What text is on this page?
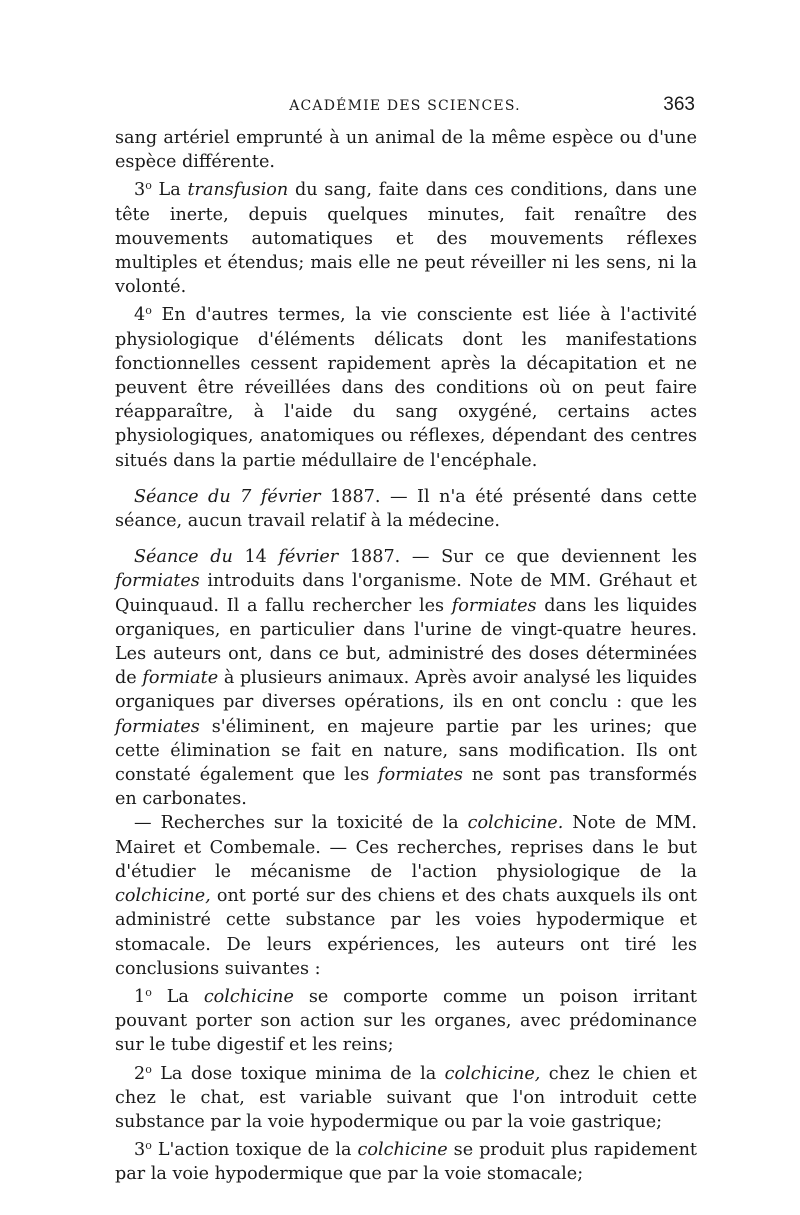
ACADÉMIE DES SCIENCES.	363

sang artériel emprunté à un animal de la même espèce ou d'une espèce différente.

3$^o$ La transfusion du sang, faite dans ces conditions, dans une tête inerte, depuis quelques minutes, fait renaître des mouvements automatiques et des mouvements réflexes multiples et étendus; mais elle ne peut réveiller ni les sens, ni la volonté.

4$^o$ En d'autres termes, la vie consciente est liée à l'activité physiologique d'éléments délicats dont les manifestations fonctionnelles cessent rapidement après la décapitation et ne peuvent être réveillées dans des conditions où on peut faire réapparaître, à l'aide du sang oxygéné, certains actes physiologiques, anatomiques ou réflexes, dépendant des centres situés dans la partie médullaire de l'encéphale.

Séance du 7 février 1887. — Il n'a été présenté dans cette séance, aucun travail relatif à la médecine.

Séance du 14 février 1887. — Sur ce que deviennent les formiates introduits dans l'organisme. Note de MM. Gréhaut et Quinquaud. Il a fallu rechercher les formiates dans les liquides organiques, en particulier dans l'urine de vingt-quatre heures. Les auteurs ont, dans ce but, administré des doses déterminées de formiate à plusieurs animaux. Après avoir analysé les liquides organiques par diverses opérations, ils en ont conclu : que les formiates s'éliminent, en majeure partie par les urines; que cette élimination se fait en nature, sans modification. Ils ont constaté également que les formiates ne sont pas transformés en carbonates.

— Recherches sur la toxicité de la colchicine. Note de MM. Mairet et Combemale. — Ces recherches, reprises dans le but d'étudier le mécanisme de l'action physiologique de la colchicine, ont porté sur des chiens et des chats auxquels ils ont administré cette substance par les voies hypodermique et stomacale. De leurs expériences, les auteurs ont tiré les conclusions suivantes :

1$^o$ La colchicine se comporte comme un poison irritant pouvant porter son action sur les organes, avec prédominance sur le tube digestif et les reins;

2$^o$ La dose toxique minima de la colchicine, chez le chien et chez le chat, est variable suivant que l'on introduit cette substance par la voie hypodermique ou par la voie gastrique;

3$^o$ L'action toxique de la colchicine se produit plus rapidement par la voie hypodermique que par la voie stomacale;
